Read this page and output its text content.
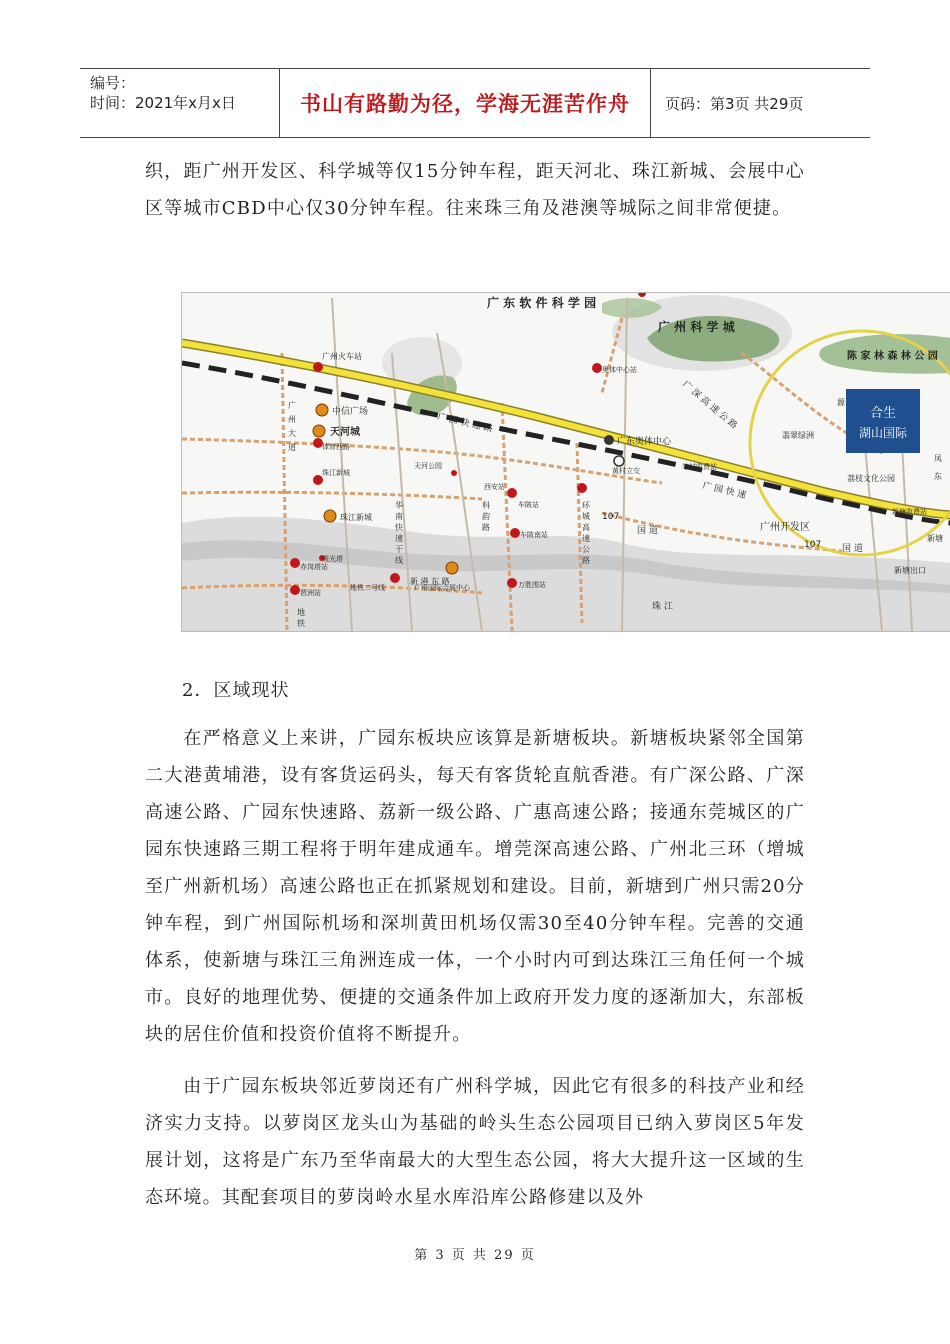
编号：
时间：2021年x月x日	书山有路勤为径，学海无涯苦作舟	页码：第3页 共29页

织，距广州开发区、科学城等仅15分钟车程，距天河北、珠江新城、会展中心区等城市CBD中心仅30分钟车程。往来珠三角及港澳等城际之间非常便捷。

合生
湖山国际
广 东 软 件 科 学 园
广 州 科 学 城
陈 家 林 森 林 公 园
广州火车站
中信广场
天河城
体育西路
珠江新城
珠江新城
天河公园
奥体中心站
广东奥体中心
黄村立交	笔村收费站
翡翠绿洲
荔枝文化公园
新塘收费站
新塘出口
广州开发区
107
107
国 道
国 道
广 园 快 速 路
广 园 快 速
广 深 高 速 公 路
广州国际会展中心
新 港 东 路
赤岗塔站
琶洲站
观光塔
地铁二号线
车陂站
车陂南站
万胜围站
西安站
珠 江
源
凤
东
新塘
广州大道
华南快速干线
地铁
环城高速公路
科韵路
2．区域现状

在严格意义上来讲，广园东板块应该算是新塘板块。新塘板块紧邻全国第二大港黄埔港，设有客货运码头，每天有客货轮直航香港。有广深公路、广深高速公路、广园东快速路、荔新一级公路、广惠高速公路；接通东莞城区的广园东快速路三期工程将于明年建成通车。增莞深高速公路、广州北三环（增城至广州新机场）高速公路也正在抓紧规划和建设。目前，新塘到广州只需20分钟车程，到广州国际机场和深圳黄田机场仅需30至40分钟车程。完善的交通体系，使新塘与珠江三角洲连成一体，一个小时内可到达珠江三角任何一个城市。良好的地理优势、便捷的交通条件加上政府开发力度的逐渐加大，东部板块的居住价值和投资价值将不断提升。

由于广园东板块邻近萝岗还有广州科学城，因此它有很多的科技产业和经济实力支持。以萝岗区龙头山为基础的岭头生态公园项目已纳入萝岗区5年发展计划，这将是广东乃至华南最大的大型生态公园，将大大提升这一区域的生态环境。其配套项目的萝岗岭水星水库沿库公路修建以及外

第 3 页 共 29 页
